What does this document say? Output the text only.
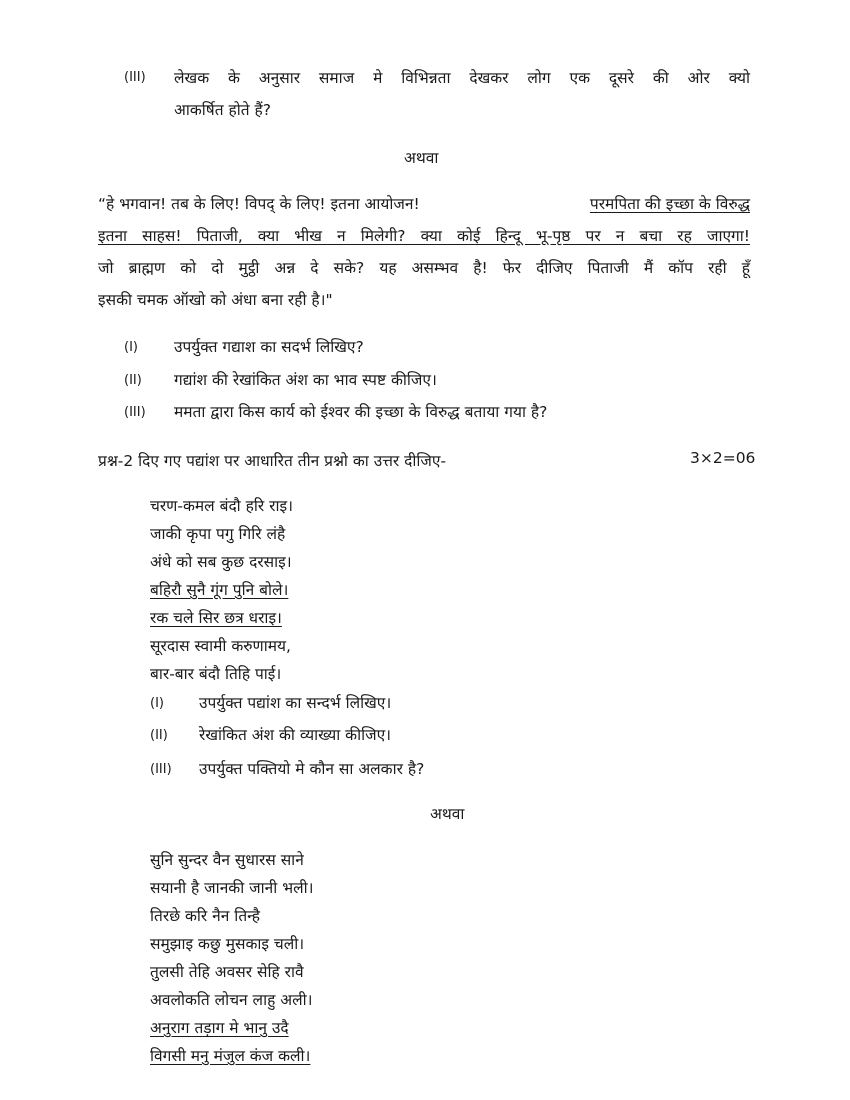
(III) लेखक के अनुसार समाज मे विभिन्नता देखकर लोग एक दूसरे की ओर क्यो
आकर्षित होते हैं?
अथवा
“हे भगवान! तब के लिए! विपद् के लिए! इतना आयोजन!	परमपिता की इच्छा के विरुद्ध
इतना साहस! पिताजी, क्या भीख न मिलेगी? क्या कोई हिन्दू भू-पृष्ठ पर न बचा रह जाएगा!
जो ब्राह्मण को दो मुट्ठी अन्न दे सके? यह असम्भव है! फेर दीजिए पिताजी मैं कॉप रही हूँ
इसकी चमक ऑखो को अंधा बना रही है।"
(I) उपर्युक्त गद्याश का सदर्भ लिखिए?
(II) गद्यांश की रेखांकित अंश का भाव स्पष्ट कीजिए।
(III) ममता द्वारा किस कार्य को ईश्वर की इच्छा के विरुद्ध बताया गया है?
प्रश्न-2 दिए गए पद्यांश पर आधारित तीन प्रश्नो का उत्तर दीजिए-	3×2=06
चरण-कमल बंदौ हरि राइ।
जाकी कृपा पगु गिरि लंहै
अंधे को सब कुछ दरसाइ।
बहिरौ सुनै गूंग पुनि बोले।
रक चले सिर छत्र धराइ।
सूरदास स्वामी करुणामय,
बार-बार बंदौ तिहि पाई।
(I) उपर्युक्त पद्यांश का सन्दर्भ लिखिए।
(II) रेखांकित अंश की व्याख्या कीजिए।
(III) उपर्युक्त पक्तियो मे कौन सा अलकार है?
अथवा
सुनि सुन्दर वैन सुधारस साने
सयानी है जानकी जानी भली।
तिरछे करि नैन तिन्है
समुझाइ कछु मुसकाइ चली।
तुलसी तेहि अवसर सेहि रावै
अवलोकति लोचन लाहु अली।
अनुराग तड़ाग मे भानु उदै
विगसी मनु मंजुल कंज कली।
